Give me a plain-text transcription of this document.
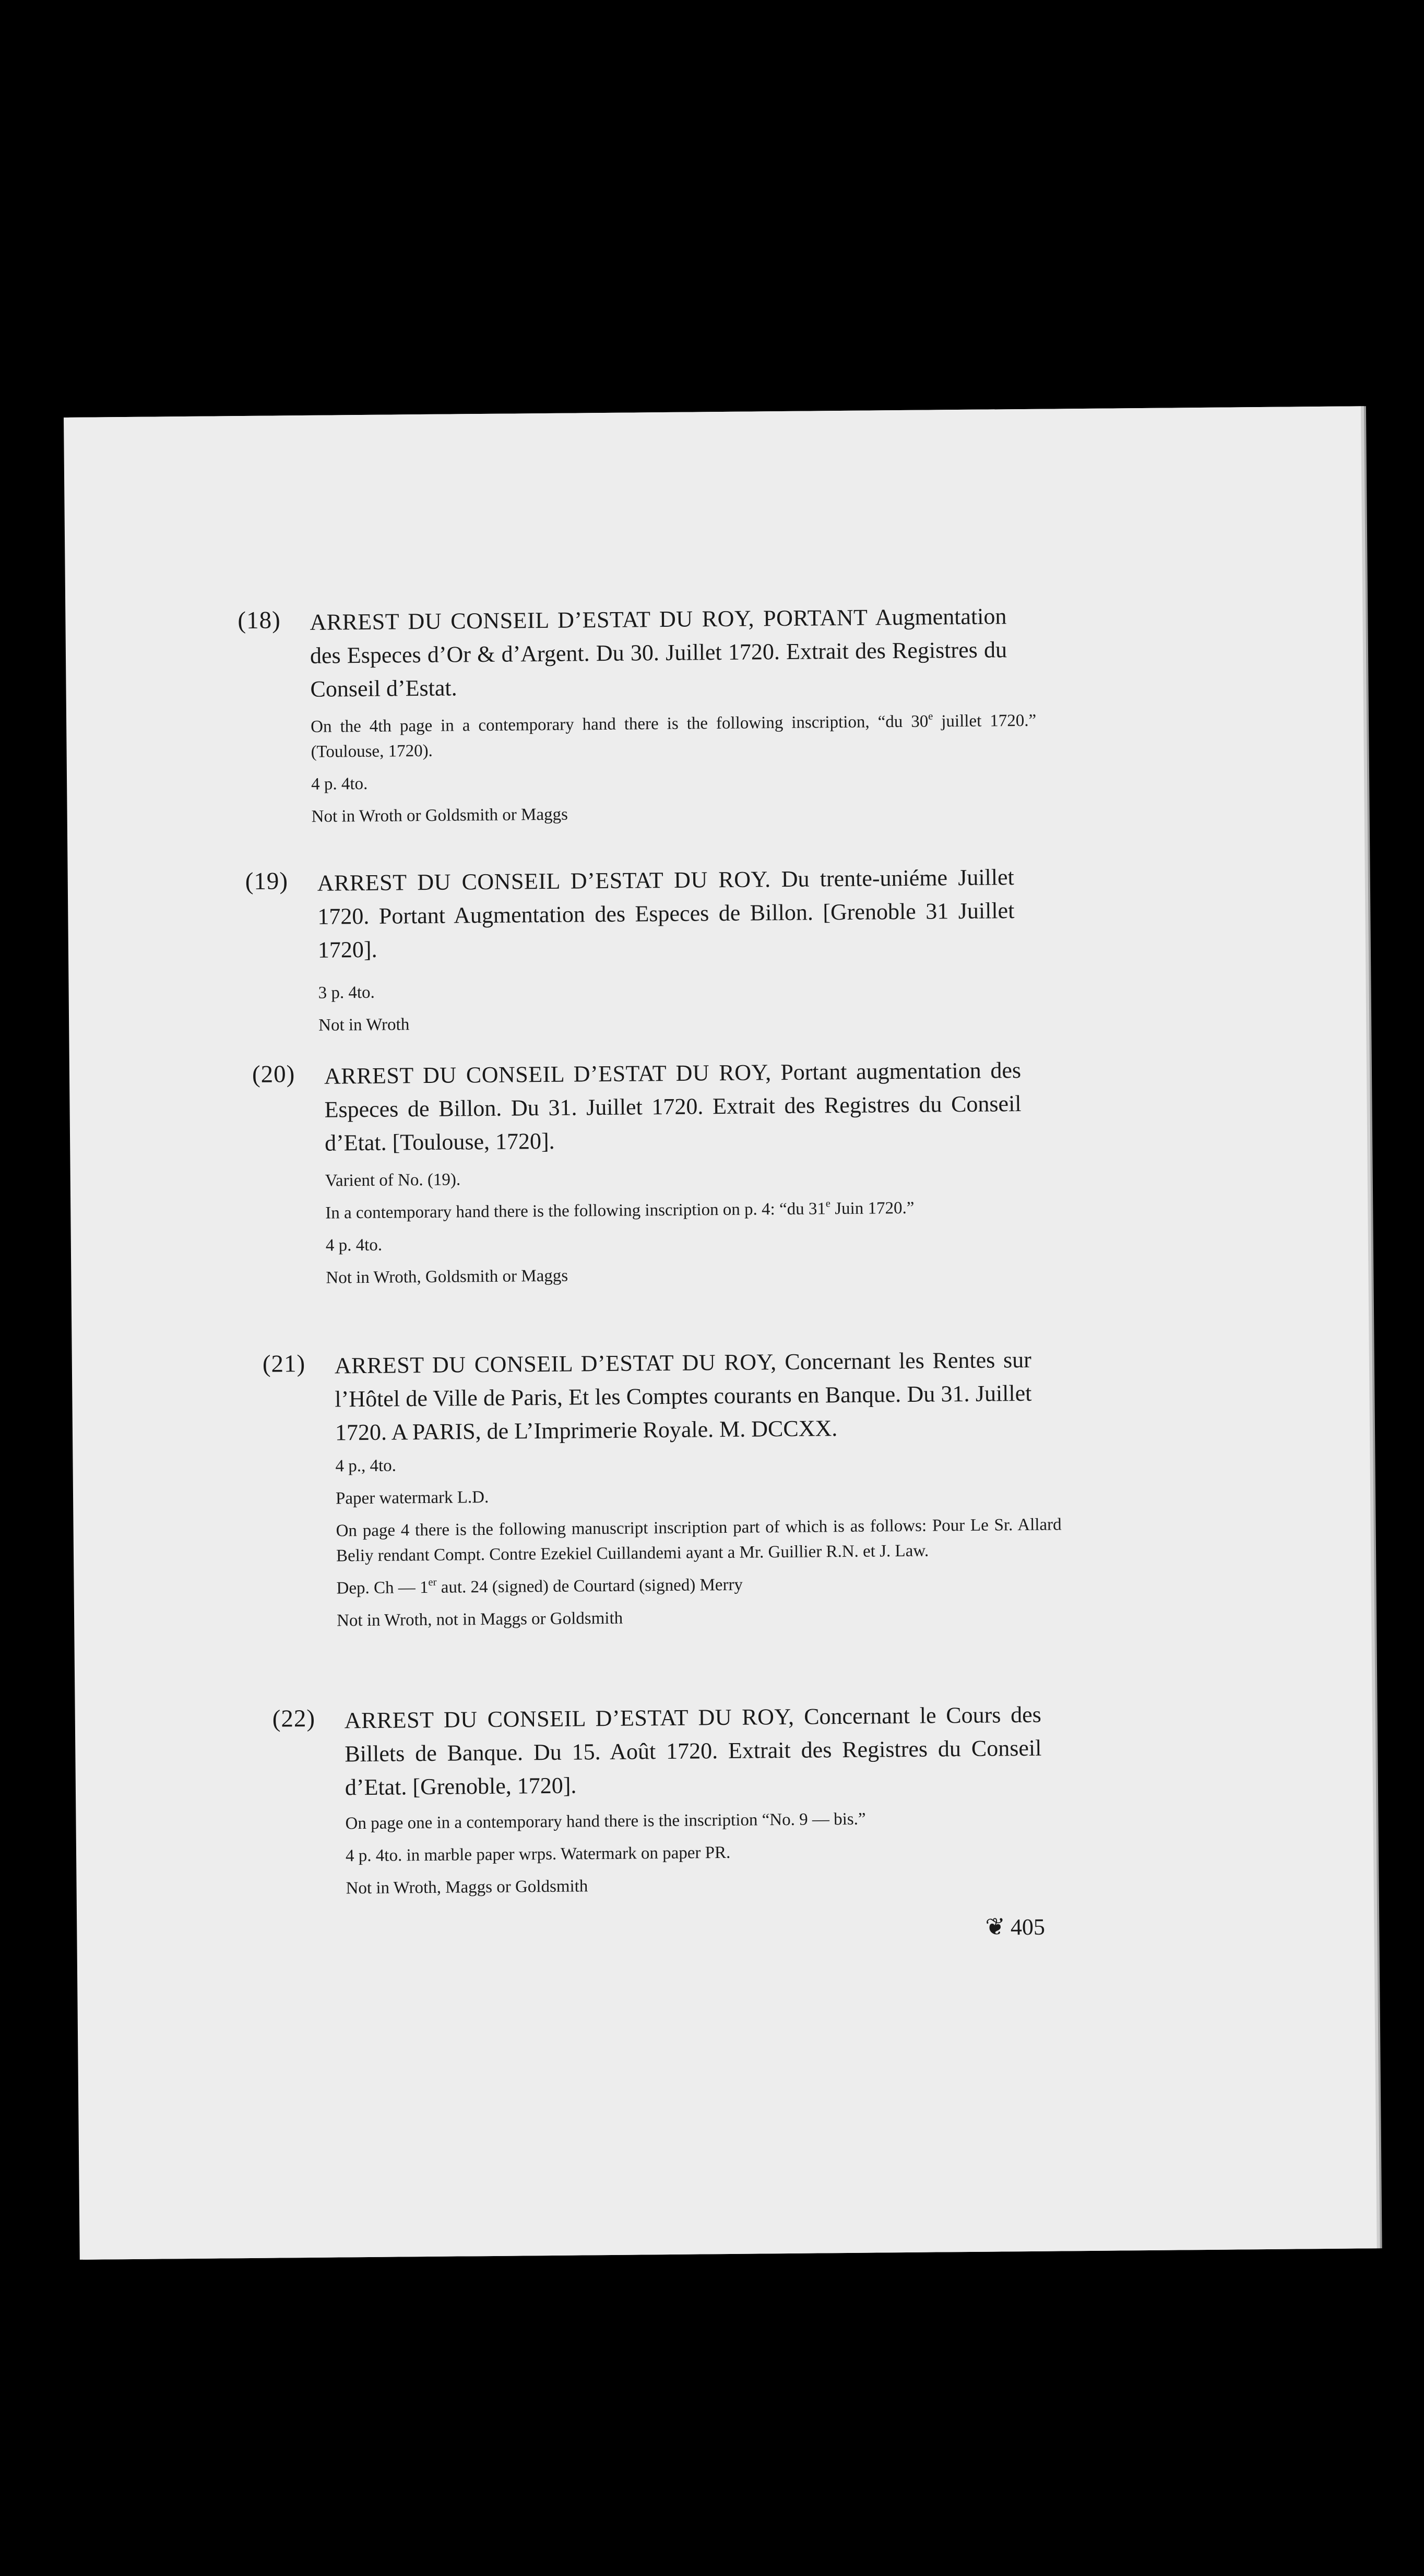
(18) ARREST DU CONSEIL D’ESTAT DU ROY, PORTANT Augmentation des Especes d’Or & d’Argent. Du 30. Juillet 1720. Extrait des Registres du Conseil d’Estat.

On the 4th page in a contemporary hand there is the following inscription, “du 30e juillet 1720.” (Toulouse, 1720).

4 p. 4to.

Not in Wroth or Goldsmith or Maggs

(19) ARREST DU CONSEIL D’ESTAT DU ROY. Du trente-uniéme Juillet 1720. Portant Augmentation des Especes de Billon. [Grenoble 31 Juillet 1720].

3 p. 4to.

Not in Wroth

(20) ARREST DU CONSEIL D’ESTAT DU ROY, Portant augmentation des Especes de Billon. Du 31. Juillet 1720. Extrait des Registres du Conseil d’Etat. [Toulouse, 1720].

Varient of No. (19).

In a contemporary hand there is the following inscription on p. 4: “du 31e Juin 1720.”

4 p. 4to.

Not in Wroth, Goldsmith or Maggs

(21) ARREST DU CONSEIL D’ESTAT DU ROY, Concernant les Rentes sur l’Hôtel de Ville de Paris, Et les Comptes courants en Banque. Du 31. Juillet 1720. A PARIS, de L’Imprimerie Royale. M. DCCXX.

4 p., 4to.

Paper watermark L.D.

On page 4 there is the following manuscript inscription part of which is as follows: Pour Le Sr. Allard Beliy rendant Compt. Contre Ezekiel Cuillandemi ayant a Mr. Guillier R.N. et J. Law.

Dep. Ch — 1er aut. 24 (signed) de Courtard (signed) Merry

Not in Wroth, not in Maggs or Goldsmith

(22) ARREST DU CONSEIL D’ESTAT DU ROY, Concernant le Cours des Billets de Banque. Du 15. Août 1720. Extrait des Registres du Conseil d’Etat. [Grenoble, 1720].

On page one in a contemporary hand there is the inscription “No. 9 — bis.”

4 p. 4to. in marble paper wrps. Watermark on paper PR.

Not in Wroth, Maggs or Goldsmith

❦ 405
